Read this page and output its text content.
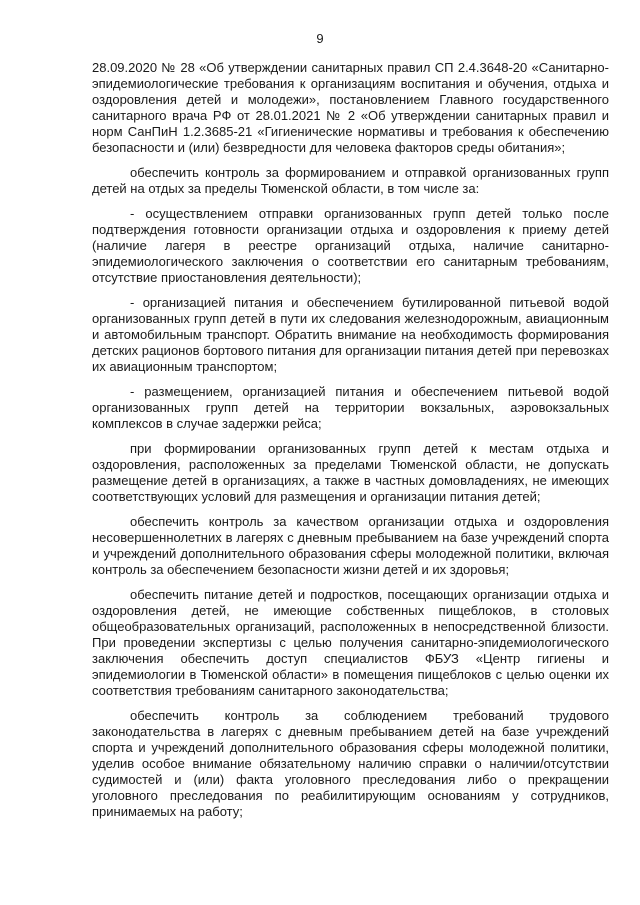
9

28.09.2020 № 28 «Об утверждении санитарных правил СП 2.4.3648-20 «Санитарно-эпидемиологические требования к организациям воспитания и обучения, отдыха и оздоровления детей и молодежи», постановлением Главного государственного санитарного врача РФ от 28.01.2021 № 2 «Об утверждении санитарных правил и норм СанПиН 1.2.3685-21 «Гигиенические нормативы и требования к обеспечению безопасности и (или) безвредности для человека факторов среды обитания»;

обеспечить контроль за формированием и отправкой организованных групп детей на отдых за пределы Тюменской области, в том числе за:

- осуществлением отправки организованных групп детей только после подтверждения готовности организации отдыха и оздоровления к приему детей (наличие лагеря в реестре организаций отдыха, наличие санитарно-эпидемиологического заключения о соответствии его санитарным требованиям, отсутствие приостановления деятельности);

- организацией питания и обеспечением бутилированной питьевой водой организованных групп детей в пути их следования железнодорожным, авиационным и автомобильным транспорт. Обратить внимание на необходимость формирования детских рационов бортового питания для организации питания детей при перевозках их авиационным транспортом;

- размещением, организацией питания и обеспечением питьевой водой организованных групп детей на территории вокзальных, аэровокзальных комплексов в случае задержки рейса;

при формировании организованных групп детей к местам отдыха и оздоровления, расположенных за пределами Тюменской области, не допускать размещение детей в организациях, а также в частных домовладениях, не имеющих соответствующих условий для размещения и организации питания детей;

обеспечить контроль за качеством организации отдыха и оздоровления несовершеннолетних в лагерях с дневным пребыванием на базе учреждений спорта и учреждений дополнительного образования сферы молодежной политики, включая контроль за обеспечением безопасности жизни детей и их здоровья;

обеспечить питание детей и подростков, посещающих организации отдыха и оздоровления детей, не имеющие собственных пищеблоков, в столовых общеобразовательных организаций, расположенных в непосредственной близости. При проведении экспертизы с целью получения санитарно-эпидемиологического заключения обеспечить доступ специалистов ФБУЗ «Центр гигиены и эпидемиологии в Тюменской области» в помещения пищеблоков с целью оценки их соответствия требованиям санитарного законодательства;

обеспечить контроль за соблюдением требований трудового законодательства в лагерях с дневным пребыванием детей на базе учреждений спорта и учреждений дополнительного образования сферы молодежной политики, уделив особое внимание обязательному наличию справки о наличии/отсутствии судимостей и (или) факта уголовного преследования либо о прекращении уголовного преследования по реабилитирующим основаниям у сотрудников, принимаемых на работу;
